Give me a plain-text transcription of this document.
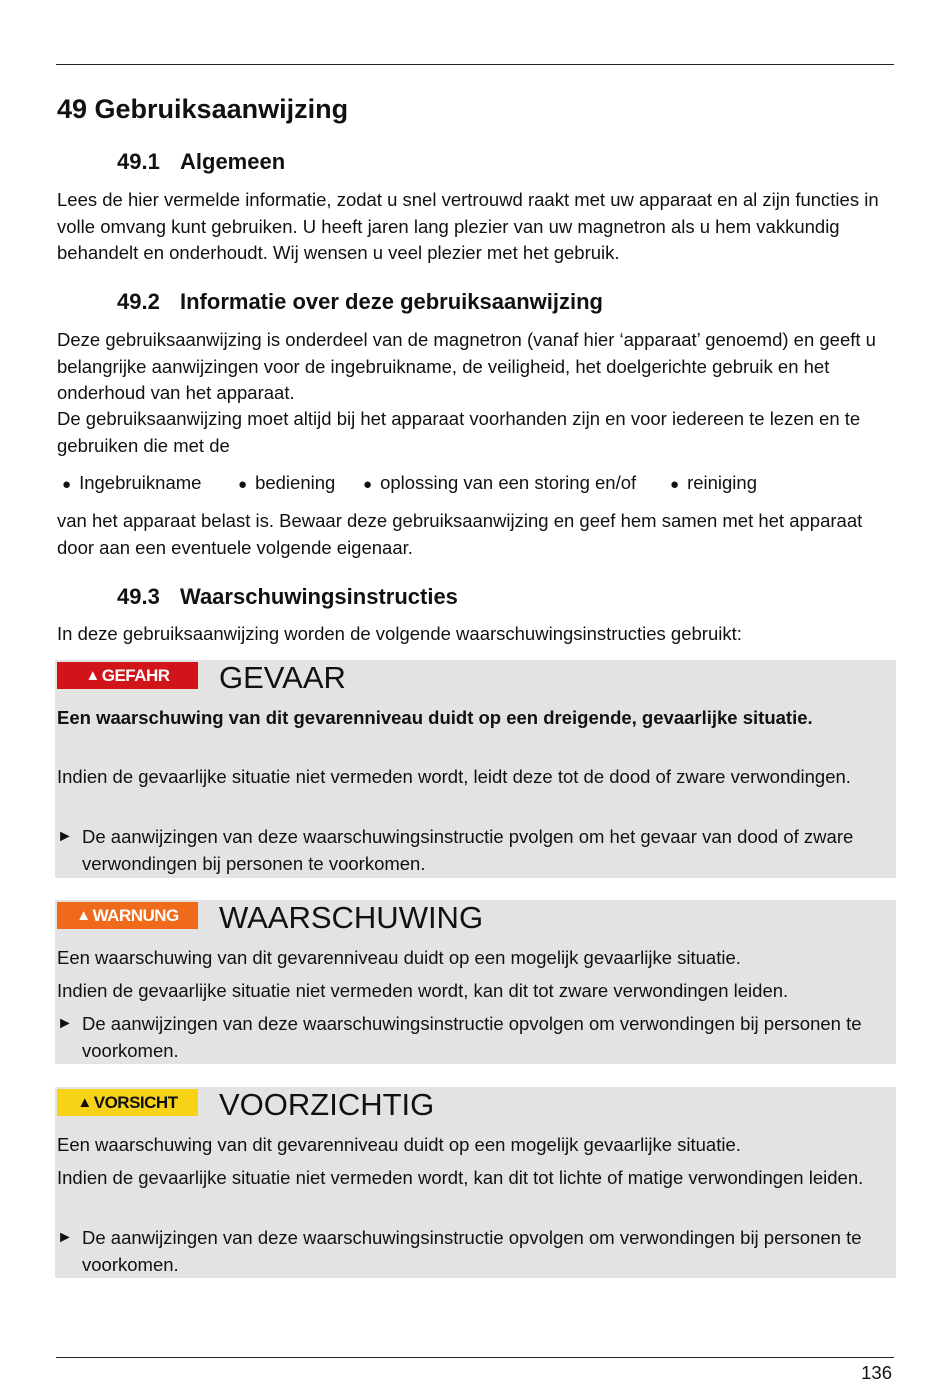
49 Gebruiksaanwijzing
49.1 Algemeen

Lees de hier vermelde informatie, zodat u snel vertrouwd raakt met uw apparaat en al zijn functies in volle omvang kunt gebruiken. U heeft jaren lang plezier van uw magnetron als u hem vakkundig behandelt en onderhoudt. Wij wensen u veel plezier met het gebruik.

49.2 Informatie over deze gebruiksaanwijzing

Deze gebruiksaanwijzing is onderdeel van de magnetron (vanaf hier ‘apparaat’ genoemd) en geeft u belangrijke aanwijzingen voor de ingebruikname, de veiligheid, het doelgerichte gebruik en het onderhoud van het apparaat.

De gebruiksaanwijzing moet altijd bij het apparaat voorhanden zijn en voor iedereen te lezen en te gebruiken die met de

● Ingebruikname ● bediening ● oplossing van een storing en/of ● reiniging

van het apparaat belast is. Bewaar deze gebruiksaanwijzing en geef hem samen met het apparaat door aan een eventuele volgende eigenaar.

49.3 Waarschuwingsinstructies

In deze gebruiksaanwijzing worden de volgende waarschuwingsinstructies gebruikt:

▲ GEFAHR GEVAAR

Een waarschuwing van dit gevarenniveau duidt op een dreigende, gevaarlijke situatie.

Indien de gevaarlijke situatie niet vermeden wordt, leidt deze tot de dood of zware verwondingen.

► De aanwijzingen van deze waarschuwingsinstructie pvolgen om het gevaar van dood of zware verwondingen bij personen te voorkomen.
▲ WARNUNG WAARSCHUWING

Een waarschuwing van dit gevarenniveau duidt op een mogelijk gevaarlijke situatie.

Indien de gevaarlijke situatie niet vermeden wordt, kan dit tot zware verwondingen leiden.

► De aanwijzingen van deze waarschuwingsinstructie opvolgen om verwondingen bij personen te voorkomen.
▲ VORSICHT VOORZICHTIG

Een waarschuwing van dit gevarenniveau duidt op een mogelijk gevaarlijke situatie.

Indien de gevaarlijke situatie niet vermeden wordt, kan dit tot lichte of matige verwondingen leiden.

► De aanwijzingen van deze waarschuwingsinstructie opvolgen om verwondingen bij personen te voorkomen.
136
